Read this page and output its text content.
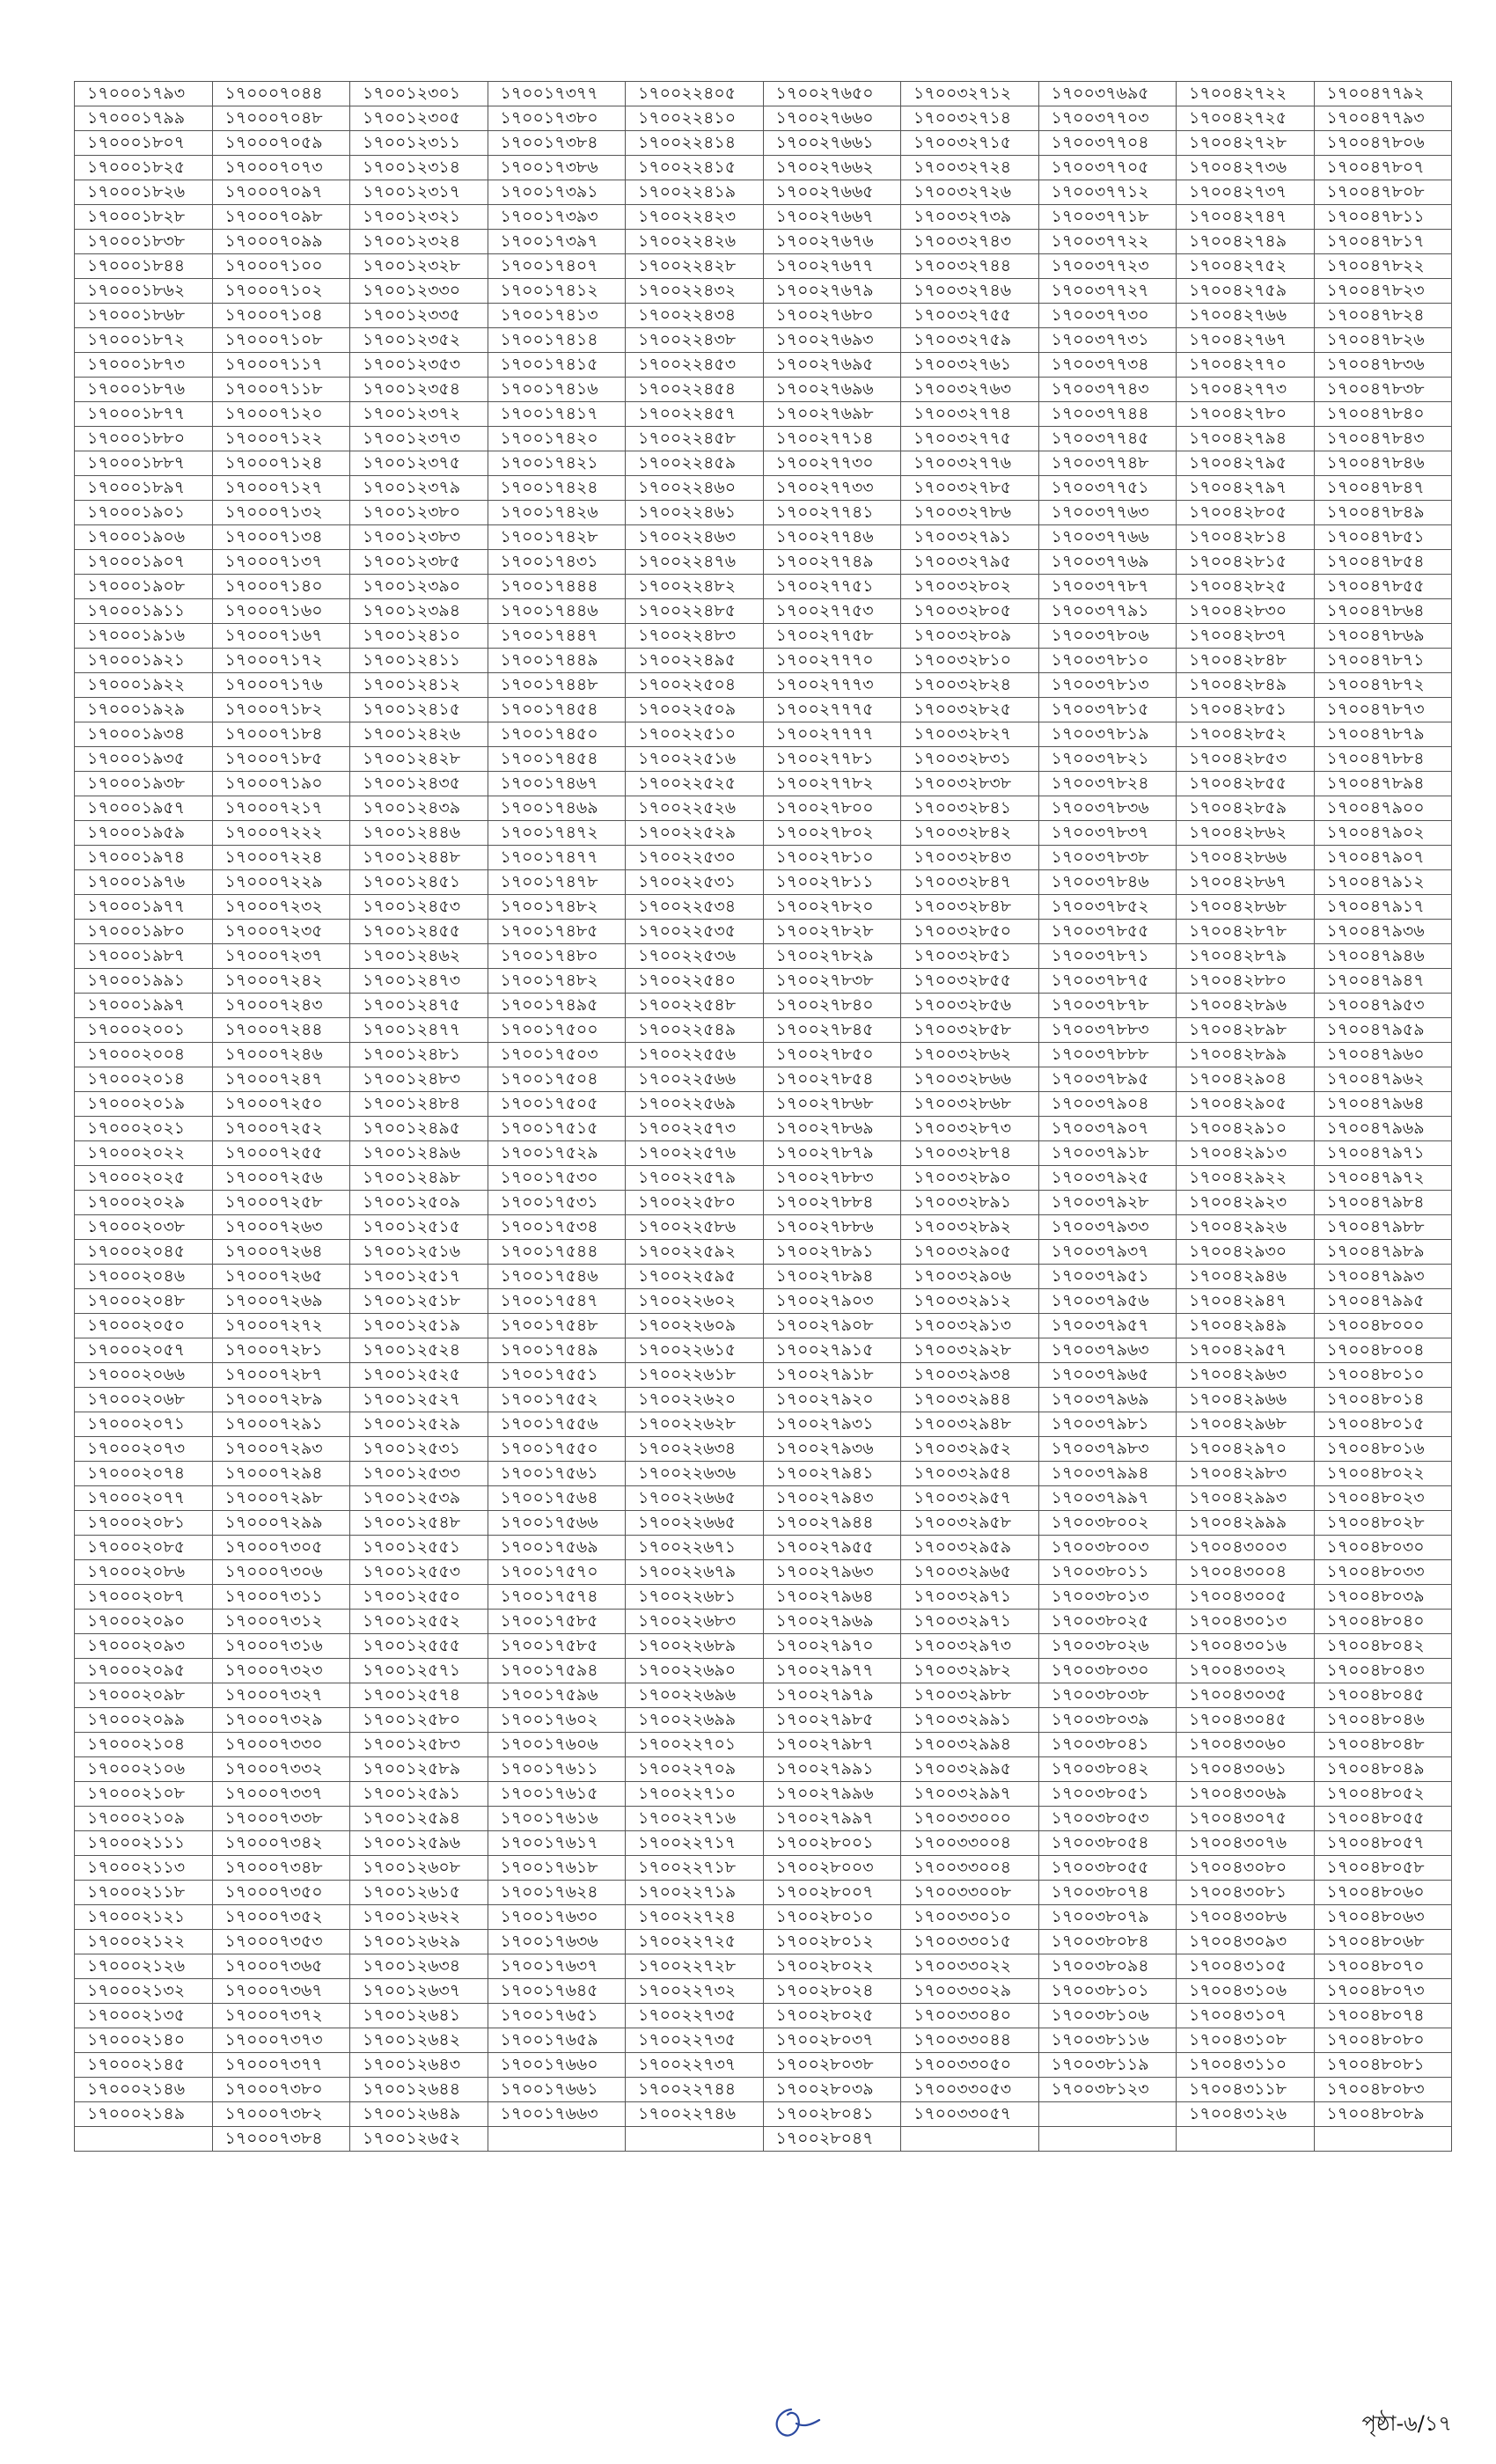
১৭০০০১৭৯৩	১৭০০০৭০৪৪	১৭০০১২৩০১	১৭০০১৭৩৭৭	১৭০০২২৪০৫	১৭০০২৭৬৫০	১৭০০৩২৭১২	১৭০০৩৭৬৯৫	১৭০০৪২৭২২	১৭০০৪৭৭৯২
১৭০০০১৭৯৯	১৭০০০৭০৪৮	১৭০০১২৩০৫	১৭০০১৭৩৮০	১৭০০২২৪১০	১৭০০২৭৬৬০	১৭০০৩২৭১৪	১৭০০৩৭৭০৩	১৭০০৪২৭২৫	১৭০০৪৭৭৯৩
১৭০০০১৮০৭	১৭০০০৭০৫৯	১৭০০১২৩১১	১৭০০১৭৩৮৪	১৭০০২২৪১৪	১৭০০২৭৬৬১	১৭০০৩২৭১৫	১৭০০৩৭৭০৪	১৭০০৪২৭২৮	১৭০০৪৭৮০৬
১৭০০০১৮২৫	১৭০০০৭০৭৩	১৭০০১২৩১৪	১৭০০১৭৩৮৬	১৭০০২২৪১৫	১৭০০২৭৬৬২	১৭০০৩২৭২৪	১৭০০৩৭৭০৫	১৭০০৪২৭৩৬	১৭০০৪৭৮০৭
১৭০০০১৮২৬	১৭০০০৭০৯৭	১৭০০১২৩১৭	১৭০০১৭৩৯১	১৭০০২২৪১৯	১৭০০২৭৬৬৫	১৭০০৩২৭২৬	১৭০০৩৭৭১২	১৭০০৪২৭৩৭	১৭০০৪৭৮০৮
১৭০০০১৮২৮	১৭০০০৭০৯৮	১৭০০১২৩২১	১৭০০১৭৩৯৩	১৭০০২২৪২৩	১৭০০২৭৬৬৭	১৭০০৩২৭৩৯	১৭০০৩৭৭১৮	১৭০০৪২৭৪৭	১৭০০৪৭৮১১
১৭০০০১৮৩৮	১৭০০০৭০৯৯	১৭০০১২৩২৪	১৭০০১৭৩৯৭	১৭০০২২৪২৬	১৭০০২৭৬৭৬	১৭০০৩২৭৪৩	১৭০০৩৭৭২২	১৭০০৪২৭৪৯	১৭০০৪৭৮১৭
১৭০০০১৮৪৪	১৭০০০৭১০০	১৭০০১২৩২৮	১৭০০১৭৪০৭	১৭০০২২৪২৮	১৭০০২৭৬৭৭	১৭০০৩২৭৪৪	১৭০০৩৭৭২৩	১৭০০৪২৭৫২	১৭০০৪৭৮২২
১৭০০০১৮৬২	১৭০০০৭১০২	১৭০০১২৩৩০	১৭০০১৭৪১২	১৭০০২২৪৩২	১৭০০২৭৬৭৯	১৭০০৩২৭৪৬	১৭০০৩৭৭২৭	১৭০০৪২৭৫৯	১৭০০৪৭৮২৩
১৭০০০১৮৬৮	১৭০০০৭১০৪	১৭০০১২৩৩৫	১৭০০১৭৪১৩	১৭০০২২৪৩৪	১৭০০২৭৬৮০	১৭০০৩২৭৫৫	১৭০০৩৭৭৩০	১৭০০৪২৭৬৬	১৭০০৪৭৮২৪
১৭০০০১৮৭২	১৭০০০৭১০৮	১৭০০১২৩৫২	১৭০০১৭৪১৪	১৭০০২২৪৩৮	১৭০০২৭৬৯৩	১৭০০৩২৭৫৯	১৭০০৩৭৭৩১	১৭০০৪২৭৬৭	১৭০০৪৭৮২৬
১৭০০০১৮৭৩	১৭০০০৭১১৭	১৭০০১২৩৫৩	১৭০০১৭৪১৫	১৭০০২২৪৫৩	১৭০০২৭৬৯৫	১৭০০৩২৭৬১	১৭০০৩৭৭৩৪	১৭০০৪২৭৭০	১৭০০৪৭৮৩৬
১৭০০০১৮৭৬	১৭০০০৭১১৮	১৭০০১২৩৫৪	১৭০০১৭৪১৬	১৭০০২২৪৫৪	১৭০০২৭৬৯৬	১৭০০৩২৭৬৩	১৭০০৩৭৭৪৩	১৭০০৪২৭৭৩	১৭০০৪৭৮৩৮
১৭০০০১৮৭৭	১৭০০০৭১২০	১৭০০১২৩৭২	১৭০০১৭৪১৭	১৭০০২২৪৫৭	১৭০০২৭৬৯৮	১৭০০৩২৭৭৪	১৭০০৩৭৭৪৪	১৭০০৪২৭৮০	১৭০০৪৭৮৪০
১৭০০০১৮৮০	১৭০০০৭১২২	১৭০০১২৩৭৩	১৭০০১৭৪২০	১৭০০২২৪৫৮	১৭০০২৭৭১৪	১৭০০৩২৭৭৫	১৭০০৩৭৭৪৫	১৭০০৪২৭৯৪	১৭০০৪৭৮৪৩
১৭০০০১৮৮৭	১৭০০০৭১২৪	১৭০০১২৩৭৫	১৭০০১৭৪২১	১৭০০২২৪৫৯	১৭০০২৭৭৩০	১৭০০৩২৭৭৬	১৭০০৩৭৭৪৮	১৭০০৪২৭৯৫	১৭০০৪৭৮৪৬
১৭০০০১৮৯৭	১৭০০০৭১২৭	১৭০০১২৩৭৯	১৭০০১৭৪২৪	১৭০০২২৪৬০	১৭০০২৭৭৩৩	১৭০০৩২৭৮৫	১৭০০৩৭৭৫১	১৭০০৪২৭৯৭	১৭০০৪৭৮৪৭
১৭০০০১৯০১	১৭০০০৭১৩২	১৭০০১২৩৮০	১৭০০১৭৪২৬	১৭০০২২৪৬১	১৭০০২৭৭৪১	১৭০০৩২৭৮৬	১৭০০৩৭৭৬৩	১৭০০৪২৮০৫	১৭০০৪৭৮৪৯
১৭০০০১৯০৬	১৭০০০৭১৩৪	১৭০০১২৩৮৩	১৭০০১৭৪২৮	১৭০০২২৪৬৩	১৭০০২৭৭৪৬	১৭০০৩২৭৯১	১৭০০৩৭৭৬৬	১৭০০৪২৮১৪	১৭০০৪৭৮৫১
১৭০০০১৯০৭	১৭০০০৭১৩৭	১৭০০১২৩৮৫	১৭০০১৭৪৩১	১৭০০২২৪৭৬	১৭০০২৭৭৪৯	১৭০০৩২৭৯৫	১৭০০৩৭৭৬৯	১৭০০৪২৮১৫	১৭০০৪৭৮৫৪
১৭০০০১৯০৮	১৭০০০৭১৪০	১৭০০১২৩৯০	১৭০০১৭৪৪৪	১৭০০২২৪৮২	১৭০০২৭৭৫১	১৭০০৩২৮০২	১৭০০৩৭৭৮৭	১৭০০৪২৮২৫	১৭০০৪৭৮৫৫
১৭০০০১৯১১	১৭০০০৭১৬০	১৭০০১২৩৯৪	১৭০০১৭৪৪৬	১৭০০২২৪৮৫	১৭০০২৭৭৫৩	১৭০০৩২৮০৫	১৭০০৩৭৭৯১	১৭০০৪২৮৩০	১৭০০৪৭৮৬৪
১৭০০০১৯১৬	১৭০০০৭১৬৭	১৭০০১২৪১০	১৭০০১৭৪৪৭	১৭০০২২৪৮৩	১৭০০২৭৭৫৮	১৭০০৩২৮০৯	১৭০০৩৭৮০৬	১৭০০৪২৮৩৭	১৭০০৪৭৮৬৯
১৭০০০১৯২১	১৭০০০৭১৭২	১৭০০১২৪১১	১৭০০১৭৪৪৯	১৭০০২২৪৯৫	১৭০০২৭৭৭০	১৭০০৩২৮১০	১৭০০৩৭৮১০	১৭০০৪২৮৪৮	১৭০০৪৭৮৭১
১৭০০০১৯২২	১৭০০০৭১৭৬	১৭০০১২৪১২	১৭০০১৭৪৪৮	১৭০০২২৫০৪	১৭০০২৭৭৭৩	১৭০০৩২৮২৪	১৭০০৩৭৮১৩	১৭০০৪২৮৪৯	১৭০০৪৭৮৭২
১৭০০০১৯২৯	১৭০০০৭১৮২	১৭০০১২৪১৫	১৭০০১৭৪৫৪	১৭০০২২৫০৯	১৭০০২৭৭৭৫	১৭০০৩২৮২৫	১৭০০৩৭৮১৫	১৭০০৪২৮৫১	১৭০০৪৭৮৭৩
১৭০০০১৯৩৪	১৭০০০৭১৮৪	১৭০০১২৪২৬	১৭০০১৭৪৫০	১৭০০২২৫১০	১৭০০২৭৭৭৭	১৭০০৩২৮২৭	১৭০০৩৭৮১৯	১৭০০৪২৮৫২	১৭০০৪৭৮৭৯
১৭০০০১৯৩৫	১৭০০০৭১৮৫	১৭০০১২৪২৮	১৭০০১৭৪৫৪	১৭০০২২৫১৬	১৭০০২৭৭৮১	১৭০০৩২৮৩১	১৭০০৩৭৮২১	১৭০০৪২৮৫৩	১৭০০৪৭৮৮৪
১৭০০০১৯৩৮	১৭০০০৭১৯০	১৭০০১২৪৩৫	১৭০০১৭৪৬৭	১৭০০২২৫২৫	১৭০০২৭৭৮২	১৭০০৩২৮৩৮	১৭০০৩৭৮২৪	১৭০০৪২৮৫৫	১৭০০৪৭৮৯৪
১৭০০০১৯৫৭	১৭০০০৭২১৭	১৭০০১২৪৩৯	১৭০০১৭৪৬৯	১৭০০২২৫২৬	১৭০০২৭৮০০	১৭০০৩২৮৪১	১৭০০৩৭৮৩৬	১৭০০৪২৮৫৯	১৭০০৪৭৯০০
১৭০০০১৯৫৯	১৭০০০৭২২২	১৭০০১২৪৪৬	১৭০০১৭৪৭২	১৭০০২২৫২৯	১৭০০২৭৮০২	১৭০০৩২৮৪২	১৭০০৩৭৮৩৭	১৭০০৪২৮৬২	১৭০০৪৭৯০২
১৭০০০১৯৭৪	১৭০০০৭২২৪	১৭০০১২৪৪৮	১৭০০১৭৪৭৭	১৭০০২২৫৩০	১৭০০২৭৮১০	১৭০০৩২৮৪৩	১৭০০৩৭৮৩৮	১৭০০৪২৮৬৬	১৭০০৪৭৯০৭
১৭০০০১৯৭৬	১৭০০০৭২২৯	১৭০০১২৪৫১	১৭০০১৭৪৭৮	১৭০০২২৫৩১	১৭০০২৭৮১১	১৭০০৩২৮৪৭	১৭০০৩৭৮৪৬	১৭০০৪২৮৬৭	১৭০০৪৭৯১২
১৭০০০১৯৭৭	১৭০০০৭২৩২	১৭০০১২৪৫৩	১৭০০১৭৪৮২	১৭০০২২৫৩৪	১৭০০২৭৮২০	১৭০০৩২৮৪৮	১৭০০৩৭৮৫২	১৭০০৪২৮৬৮	১৭০০৪৭৯১৭
১৭০০০১৯৮০	১৭০০০৭২৩৫	১৭০০১২৪৫৫	১৭০০১৭৪৮৫	১৭০০২২৫৩৫	১৭০০২৭৮২৮	১৭০০৩২৮৫০	১৭০০৩৭৮৫৫	১৭০০৪২৮৭৮	১৭০০৪৭৯৩৬
১৭০০০১৯৮৭	১৭০০০৭২৩৭	১৭০০১২৪৬২	১৭০০১৭৪৮০	১৭০০২২৫৩৬	১৭০০২৭৮২৯	১৭০০৩২৮৫১	১৭০০৩৭৮৭১	১৭০০৪২৮৭৯	১৭০০৪৭৯৪৬
১৭০০০১৯৯১	১৭০০০৭২৪২	১৭০০১২৪৭৩	১৭০০১৭৪৮২	১৭০০২২৫৪০	১৭০০২৭৮৩৮	১৭০০৩২৮৫৫	১৭০০৩৭৮৭৫	১৭০০৪২৮৮০	১৭০০৪৭৯৪৭
১৭০০০১৯৯৭	১৭০০০৭২৪৩	১৭০০১২৪৭৫	১৭০০১৭৪৯৫	১৭০০২২৫৪৮	১৭০০২৭৮৪০	১৭০০৩২৮৫৬	১৭০০৩৭৮৭৮	১৭০০৪২৮৯৬	১৭০০৪৭৯৫৩
১৭০০০২০০১	১৭০০০৭২৪৪	১৭০০১২৪৭৭	১৭০০১৭৫০০	১৭০০২২৫৪৯	১৭০০২৭৮৪৫	১৭০০৩২৮৫৮	১৭০০৩৭৮৮৩	১৭০০৪২৮৯৮	১৭০০৪৭৯৫৯
১৭০০০২০০৪	১৭০০০৭২৪৬	১৭০০১২৪৮১	১৭০০১৭৫০৩	১৭০০২২৫৫৬	১৭০০২৭৮৫০	১৭০০৩২৮৬২	১৭০০৩৭৮৮৮	১৭০০৪২৮৯৯	১৭০০৪৭৯৬০
১৭০০০২০১৪	১৭০০০৭২৪৭	১৭০০১২৪৮৩	১৭০০১৭৫০৪	১৭০০২২৫৬৬	১৭০০২৭৮৫৪	১৭০০৩২৮৬৬	১৭০০৩৭৮৯৫	১৭০০৪২৯০৪	১৭০০৪৭৯৬২
১৭০০০২০১৯	১৭০০০৭২৫০	১৭০০১২৪৮৪	১৭০০১৭৫০৫	১৭০০২২৫৬৯	১৭০০২৭৮৬৮	১৭০০৩২৮৬৮	১৭০০৩৭৯০৪	১৭০০৪২৯০৫	১৭০০৪৭৯৬৪
১৭০০০২০২১	১৭০০০৭২৫২	১৭০০১২৪৯৫	১৭০০১৭৫১৫	১৭০০২২৫৭৩	১৭০০২৭৮৬৯	১৭০০৩২৮৭৩	১৭০০৩৭৯০৭	১৭০০৪২৯১০	১৭০০৪৭৯৬৯
১৭০০০২০২২	১৭০০০৭২৫৫	১৭০০১২৪৯৬	১৭০০১৭৫২৯	১৭০০২২৫৭৬	১৭০০২৭৮৭৯	১৭০০৩২৮৭৪	১৭০০৩৭৯১৮	১৭০০৪২৯১৩	১৭০০৪৭৯৭১
১৭০০০২০২৫	১৭০০০৭২৫৬	১৭০০১২৪৯৮	১৭০০১৭৫৩০	১৭০০২২৫৭৯	১৭০০২৭৮৮৩	১৭০০৩২৮৯০	১৭০০৩৭৯২৫	১৭০০৪২৯২২	১৭০০৪৭৯৭২
১৭০০০২০২৯	১৭০০০৭২৫৮	১৭০০১২৫০৯	১৭০০১৭৫৩১	১৭০০২২৫৮০	১৭০০২৭৮৮৪	১৭০০৩২৮৯১	১৭০০৩৭৯২৮	১৭০০৪২৯২৩	১৭০০৪৭৯৮৪
১৭০০০২০৩৮	১৭০০০৭২৬৩	১৭০০১২৫১৫	১৭০০১৭৫৩৪	১৭০০২২৫৮৬	১৭০০২৭৮৮৬	১৭০০৩২৮৯২	১৭০০৩৭৯৩৩	১৭০০৪২৯২৬	১৭০০৪৭৯৮৮
১৭০০০২০৪৫	১৭০০০৭২৬৪	১৭০০১২৫১৬	১৭০০১৭৫৪৪	১৭০০২২৫৯২	১৭০০২৭৮৯১	১৭০০৩২৯০৫	১৭০০৩৭৯৩৭	১৭০০৪২৯৩০	১৭০০৪৭৯৮৯
১৭০০০২০৪৬	১৭০০০৭২৬৫	১৭০০১২৫১৭	১৭০০১৭৫৪৬	১৭০০২২৫৯৫	১৭০০২৭৮৯৪	১৭০০৩২৯০৬	১৭০০৩৭৯৫১	১৭০০৪২৯৪৬	১৭০০৪৭৯৯৩
১৭০০০২০৪৮	১৭০০০৭২৬৯	১৭০০১২৫১৮	১৭০০১৭৫৪৭	১৭০০২২৬০২	১৭০০২৭৯০৩	১৭০০৩২৯১২	১৭০০৩৭৯৫৬	১৭০০৪২৯৪৭	১৭০০৪৭৯৯৫
১৭০০০২০৫০	১৭০০০৭২৭২	১৭০০১২৫১৯	১৭০০১৭৫৪৮	১৭০০২২৬০৯	১৭০০২৭৯০৮	১৭০০৩২৯১৩	১৭০০৩৭৯৫৭	১৭০০৪২৯৪৯	১৭০০৪৮০০০
১৭০০০২০৫৭	১৭০০০৭২৮১	১৭০০১২৫২৪	১৭০০১৭৫৪৯	১৭০০২২৬১৫	১৭০০২৭৯১৫	১৭০০৩২৯২৮	১৭০০৩৭৯৬৩	১৭০০৪২৯৫৭	১৭০০৪৮০০৪
১৭০০০২০৬৬	১৭০০০৭২৮৭	১৭০০১২৫২৫	১৭০০১৭৫৫১	১৭০০২২৬১৮	১৭০০২৭৯১৮	১৭০০৩২৯৩৪	১৭০০৩৭৯৬৫	১৭০০৪২৯৬৩	১৭০০৪৮০১০
১৭০০০২০৬৮	১৭০০০৭২৮৯	১৭০০১২৫২৭	১৭০০১৭৫৫২	১৭০০২২৬২০	১৭০০২৭৯২০	১৭০০৩২৯৪৪	১৭০০৩৭৯৬৯	১৭০০৪২৯৬৬	১৭০০৪৮০১৪
১৭০০০২০৭১	১৭০০০৭২৯১	১৭০০১২৫২৯	১৭০০১৭৫৫৬	১৭০০২২৬২৮	১৭০০২৭৯৩১	১৭০০৩২৯৪৮	১৭০০৩৭৯৮১	১৭০০৪২৯৬৮	১৭০০৪৮০১৫
১৭০০০২০৭৩	১৭০০০৭২৯৩	১৭০০১২৫৩১	১৭০০১৭৫৫০	১৭০০২২৬৩৪	১৭০০২৭৯৩৬	১৭০০৩২৯৫২	১৭০০৩৭৯৮৩	১৭০০৪২৯৭০	১৭০০৪৮০১৬
১৭০০০২০৭৪	১৭০০০৭২৯৪	১৭০০১২৫৩৩	১৭০০১৭৫৬১	১৭০০২২৬৩৬	১৭০০২৭৯৪১	১৭০০৩২৯৫৪	১৭০০৩৭৯৯৪	১৭০০৪২৯৮৩	১৭০০৪৮০২২
১৭০০০২০৭৭	১৭০০০৭২৯৮	১৭০০১২৫৩৯	১৭০০১৭৫৬৪	১৭০০২২৬৬৫	১৭০০২৭৯৪৩	১৭০০৩২৯৫৭	১৭০০৩৭৯৯৭	১৭০০৪২৯৯৩	১৭০০৪৮০২৩
১৭০০০২০৮১	১৭০০০৭২৯৯	১৭০০১২৫৪৮	১৭০০১৭৫৬৬	১৭০০২২৬৬৫	১৭০০২৭৯৪৪	১৭০০৩২৯৫৮	১৭০০৩৮০০২	১৭০০৪২৯৯৯	১৭০০৪৮০২৮
১৭০০০২০৮৫	১৭০০০৭৩০৫	১৭০০১২৫৫১	১৭০০১৭৫৬৯	১৭০০২২৬৭১	১৭০০২৭৯৫৫	১৭০০৩২৯৫৯	১৭০০৩৮০০৩	১৭০০৪৩০০৩	১৭০০৪৮০৩০
১৭০০০২০৮৬	১৭০০০৭৩০৬	১৭০০১২৫৫৩	১৭০০১৭৫৭০	১৭০০২২৬৭৯	১৭০০২৭৯৬৩	১৭০০৩২৯৬৫	১৭০০৩৮০১১	১৭০০৪৩০০৪	১৭০০৪৮০৩৩
১৭০০০২০৮৭	১৭০০০৭৩১১	১৭০০১২৫৫০	১৭০০১৭৫৭৪	১৭০০২২৬৮১	১৭০০২৭৯৬৪	১৭০০৩২৯৭১	১৭০০৩৮০১৩	১৭০০৪৩০০৫	১৭০০৪৮০৩৯
১৭০০০২০৯০	১৭০০০৭৩১২	১৭০০১২৫৫২	১৭০০১৭৫৮৫	১৭০০২২৬৮৩	১৭০০২৭৯৬৯	১৭০০৩২৯৭১	১৭০০৩৮০২৫	১৭০০৪৩০১৩	১৭০০৪৮০৪০
১৭০০০২০৯৩	১৭০০০৭৩১৬	১৭০০১২৫৫৫	১৭০০১৭৫৮৫	১৭০০২২৬৮৯	১৭০০২৭৯৭০	১৭০০৩২৯৭৩	১৭০০৩৮০২৬	১৭০০৪৩০১৬	১৭০০৪৮০৪২
১৭০০০২০৯৫	১৭০০০৭৩২৩	১৭০০১২৫৭১	১৭০০১৭৫৯৪	১৭০০২২৬৯০	১৭০০২৭৯৭৭	১৭০০৩২৯৮২	১৭০০৩৮০৩০	১৭০০৪৩০৩২	১৭০০৪৮০৪৩
১৭০০০২০৯৮	১৭০০০৭৩২৭	১৭০০১২৫৭৪	১৭০০১৭৫৯৬	১৭০০২২৬৯৬	১৭০০২৭৯৭৯	১৭০০৩২৯৮৮	১৭০০৩৮০৩৮	১৭০০৪৩০৩৫	১৭০০৪৮০৪৫
১৭০০০২০৯৯	১৭০০০৭৩২৯	১৭০০১২৫৮০	১৭০০১৭৬০২	১৭০০২২৬৯৯	১৭০০২৭৯৮৫	১৭০০৩২৯৯১	১৭০০৩৮০৩৯	১৭০০৪৩০৪৫	১৭০০৪৮০৪৬
১৭০০০২১০৪	১৭০০০৭৩৩০	১৭০০১২৫৮৩	১৭০০১৭৬০৬	১৭০০২২৭০১	১৭০০২৭৯৮৭	১৭০০৩২৯৯৪	১৭০০৩৮০৪১	১৭০০৪৩০৬০	১৭০০৪৮০৪৮
১৭০০০২১০৬	১৭০০০৭৩৩২	১৭০০১২৫৮৯	১৭০০১৭৬১১	১৭০০২২৭০৯	১৭০০২৭৯৯১	১৭০০৩২৯৯৫	১৭০০৩৮০৪২	১৭০০৪৩০৬১	১৭০০৪৮০৪৯
১৭০০০২১০৮	১৭০০০৭৩৩৭	১৭০০১২৫৯১	১৭০০১৭৬১৫	১৭০০২২৭১০	১৭০০২৭৯৯৬	১৭০০৩২৯৯৭	১৭০০৩৮০৫১	১৭০০৪৩০৬৯	১৭০০৪৮০৫২
১৭০০০২১০৯	১৭০০০৭৩৩৮	১৭০০১২৫৯৪	১৭০০১৭৬১৬	১৭০০২২৭১৬	১৭০০২৭৯৯৭	১৭০০৩৩০০০	১৭০০৩৮০৫৩	১৭০০৪৩০৭৫	১৭০০৪৮০৫৫
১৭০০০২১১১	১৭০০০৭৩৪২	১৭০০১২৫৯৬	১৭০০১৭৬১৭	১৭০০২২৭১৭	১৭০০২৮০০১	১৭০০৩৩০০৪	১৭০০৩৮০৫৪	১৭০০৪৩০৭৬	১৭০০৪৮০৫৭
১৭০০০২১১৩	১৭০০০৭৩৪৮	১৭০০১২৬০৮	১৭০০১৭৬১৮	১৭০০২২৭১৮	১৭০০২৮০০৩	১৭০০৩৩০০৪	১৭০০৩৮০৫৫	১৭০০৪৩০৮০	১৭০০৪৮০৫৮
১৭০০০২১১৮	১৭০০০৭৩৫০	১৭০০১২৬১৫	১৭০০১৭৬২৪	১৭০০২২৭১৯	১৭০০২৮০০৭	১৭০০৩৩০০৮	১৭০০৩৮০৭৪	১৭০০৪৩০৮১	১৭০০৪৮০৬০
১৭০০০২১২১	১৭০০০৭৩৫২	১৭০০১২৬২২	১৭০০১৭৬৩০	১৭০০২২৭২৪	১৭০০২৮০১০	১৭০০৩৩০১০	১৭০০৩৮০৭৯	১৭০০৪৩০৮৬	১৭০০৪৮০৬৩
১৭০০০২১২২	১৭০০০৭৩৫৩	১৭০০১২৬২৯	১৭০০১৭৬৩৬	১৭০০২২৭২৫	১৭০০২৮০১২	১৭০০৩৩০১৫	১৭০০৩৮০৮৪	১৭০০৪৩০৯৩	১৭০০৪৮০৬৮
১৭০০০২১২৬	১৭০০০৭৩৬৫	১৭০০১২৬৩৪	১৭০০১৭৬৩৭	১৭০০২২৭২৮	১৭০০২৮০২২	১৭০০৩৩০২২	১৭০০৩৮০৯৪	১৭০০৪৩১০৫	১৭০০৪৮০৭০
১৭০০০২১৩২	১৭০০০৭৩৬৭	১৭০০১২৬৩৭	১৭০০১৭৬৪৫	১৭০০২২৭৩২	১৭০০২৮০২৪	১৭০০৩৩০২৯	১৭০০৩৮১০১	১৭০০৪৩১০৬	১৭০০৪৮০৭৩
১৭০০০২১৩৫	১৭০০০৭৩৭২	১৭০০১২৬৪১	১৭০০১৭৬৫১	১৭০০২২৭৩৫	১৭০০২৮০২৫	১৭০০৩৩০৪০	১৭০০৩৮১০৬	১৭০০৪৩১০৭	১৭০০৪৮০৭৪
১৭০০০২১৪০	১৭০০০৭৩৭৩	১৭০০১২৬৪২	১৭০০১৭৬৫৯	১৭০০২২৭৩৫	১৭০০২৮০৩৭	১৭০০৩৩০৪৪	১৭০০৩৮১১৬	১৭০০৪৩১০৮	১৭০০৪৮০৮০
১৭০০০২১৪৫	১৭০০০৭৩৭৭	১৭০০১২৬৪৩	১৭০০১৭৬৬০	১৭০০২২৭৩৭	১৭০০২৮০৩৮	১৭০০৩৩০৫০	১৭০০৩৮১১৯	১৭০০৪৩১১০	১৭০০৪৮০৮১
১৭০০০২১৪৬	১৭০০০৭৩৮০	১৭০০১২৬৪৪	১৭০০১৭৬৬১	১৭০০২২৭৪৪	১৭০০২৮০৩৯	১৭০০৩৩০৫৩	১৭০০৩৮১২৩	১৭০০৪৩১১৮	১৭০০৪৮০৮৩
১৭০০০২১৪৯	১৭০০০৭৩৮২	১৭০০১২৬৪৯	১৭০০১৭৬৬৩	১৭০০২২৭৪৬	১৭০০২৮০৪১	১৭০০৩৩০৫৭		১৭০০৪৩১২৬	১৭০০৪৮০৮৯
	১৭০০০৭৩৮৪	১৭০০১২৬৫২			১৭০০২৮০৪৭				
পৃষ্ঠা-৬/১৭
